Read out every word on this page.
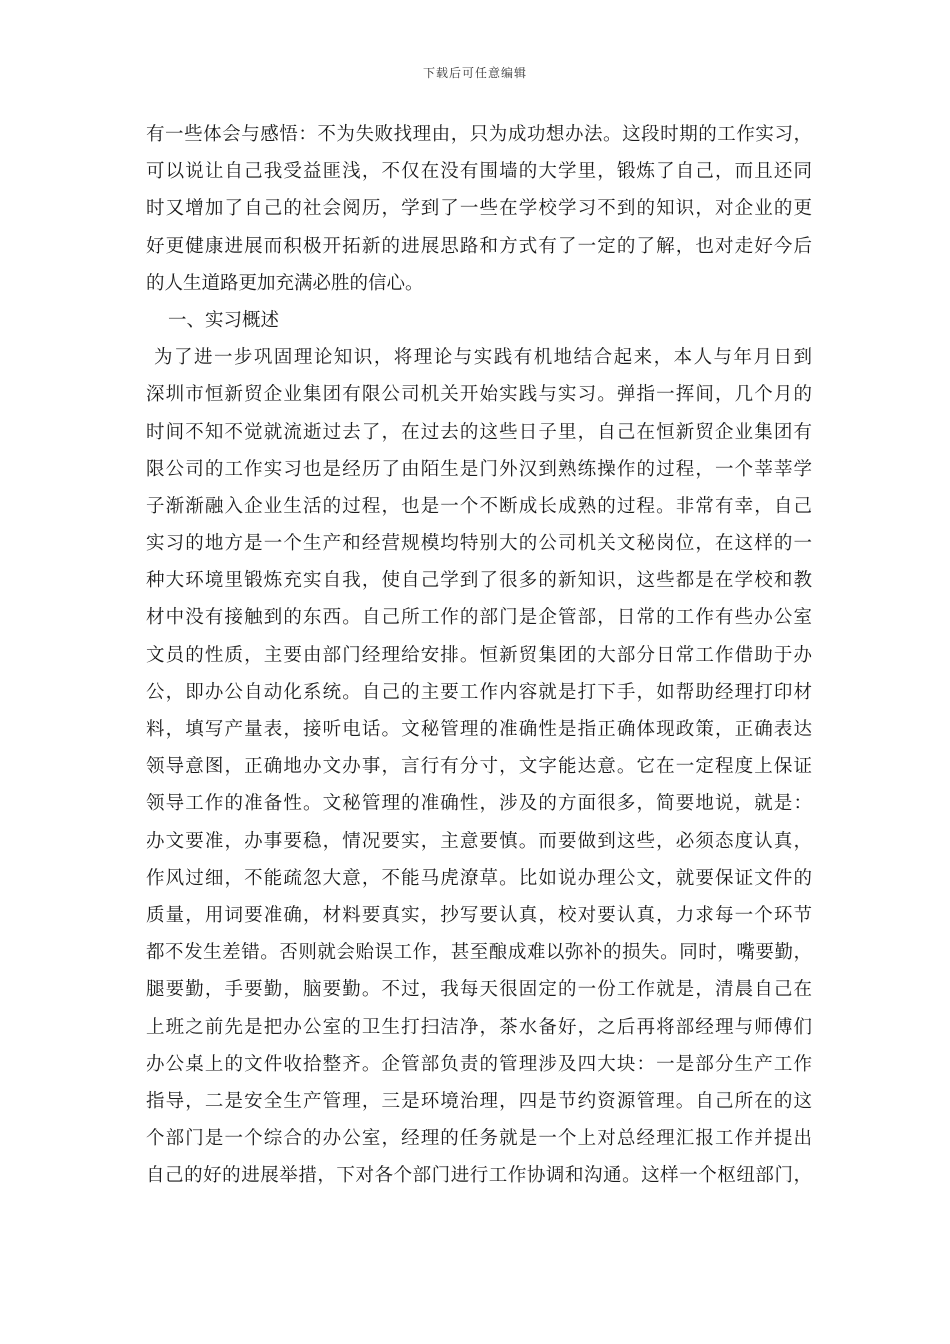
下载后可任意编辑
有一些体会与感悟：不为失败找理由，只为成功想办法。这段时期的工作实习，
可以说让自己我受益匪浅，不仅在没有围墙的大学里，锻炼了自己，而且还同
时又增加了自己的社会阅历，学到了一些在学校学习不到的知识，对企业的更
好更健康进展而积极开拓新的进展思路和方式有了一定的了解，也对走好今后
的人生道路更加充满必胜的信心。
一、实习概述
为了进一步巩固理论知识，将理论与实践有机地结合起来，本人与年月日到
深圳市恒新贸企业集团有限公司机关开始实践与实习。弹指一挥间，几个月的
时间不知不觉就流逝过去了，在过去的这些日子里，自己在恒新贸企业集团有
限公司的工作实习也是经历了由陌生是门外汉到熟练操作的过程，一个莘莘学
子渐渐融入企业生活的过程，也是一个不断成长成熟的过程。非常有幸，自己
实习的地方是一个生产和经营规模均特别大的公司机关文秘岗位，在这样的一
种大环境里锻炼充实自我，使自己学到了很多的新知识，这些都是在学校和教
材中没有接触到的东西。自己所工作的部门是企管部，日常的工作有些办公室
文员的性质，主要由部门经理给安排。恒新贸集团的大部分日常工作借助于办
公，即办公自动化系统。自己的主要工作内容就是打下手，如帮助经理打印材
料，填写产量表，接听电话。文秘管理的准确性是指正确体现政策，正确表达
领导意图，正确地办文办事，言行有分寸，文字能达意。它在一定程度上保证
领导工作的准备性。文秘管理的准确性，涉及的方面很多，简要地说，就是：
办文要准，办事要稳，情况要实，主意要慎。而要做到这些，必须态度认真，
作风过细，不能疏忽大意，不能马虎潦草。比如说办理公文，就要保证文件的
质量，用词要准确，材料要真实，抄写要认真，校对要认真，力求每一个环节
都不发生差错。否则就会贻误工作，甚至酿成难以弥补的损失。同时，嘴要勤，
腿要勤，手要勤，脑要勤。不过，我每天很固定的一份工作就是，清晨自己在
上班之前先是把办公室的卫生打扫洁净，茶水备好，之后再将部经理与师傅们
办公桌上的文件收拾整齐。企管部负责的管理涉及四大块：一是部分生产工作
指导，二是安全生产管理，三是环境治理，四是节约资源管理。自己所在的这
个部门是一个综合的办公室，经理的任务就是一个上对总经理汇报工作并提出
自己的好的进展举措，下对各个部门进行工作协调和沟通。这样一个枢纽部门，
